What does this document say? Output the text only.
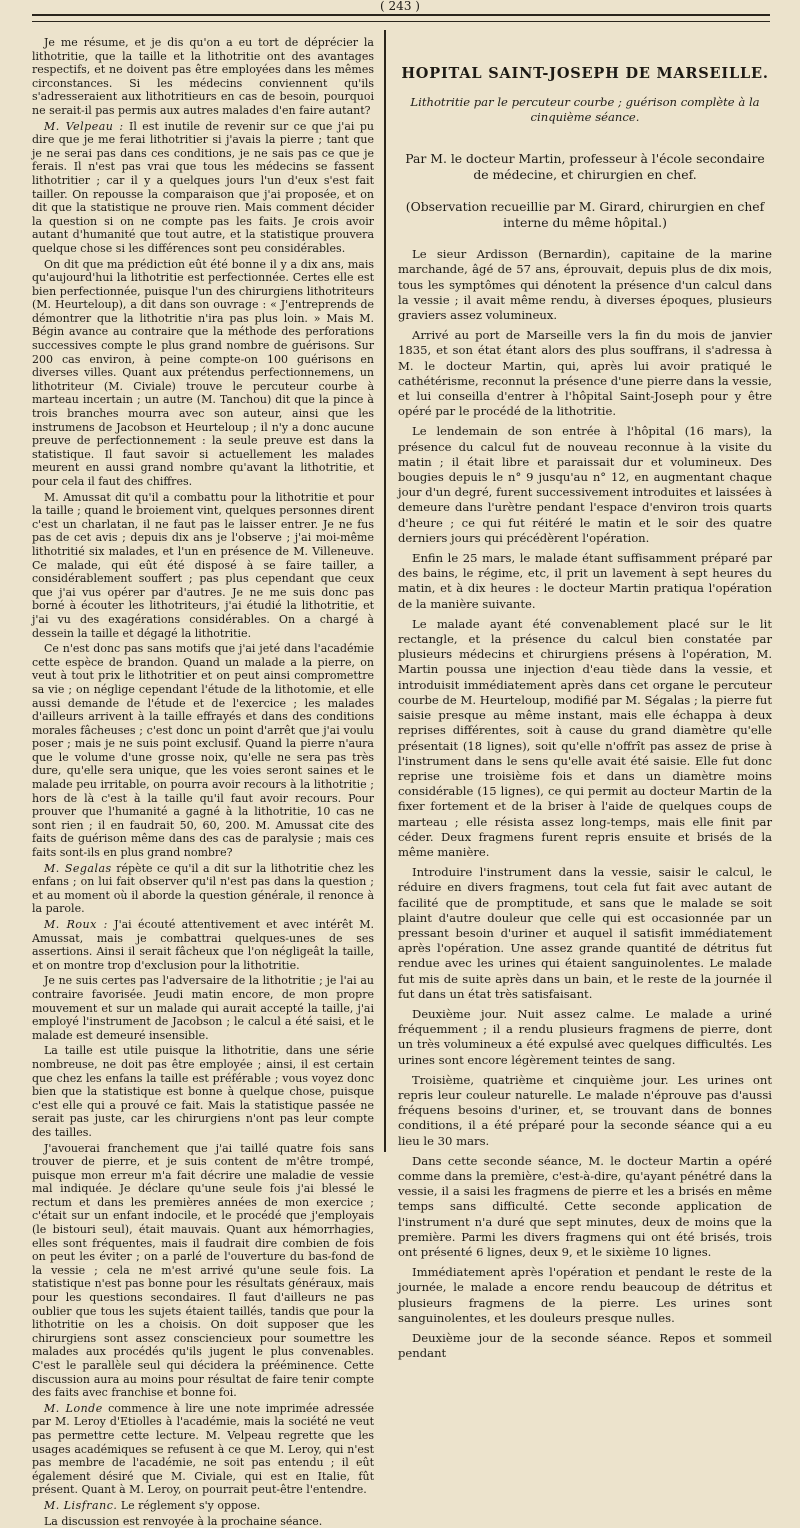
( 243 )

Je me résume, et je dis qu'on a eu tort de déprécier la lithotritie, que la taille et la lithotritie ont des avantages respectifs, et ne doivent pas être employées dans les mêmes circonstances. Si les médecins conviennent qu'ils s'adresseraient aux lithotritieurs en cas de besoin, pourquoi ne serait-il pas permis aux autres malades d'en faire autant?

M. Velpeau : Il est inutile de revenir sur ce que j'ai pu dire que je me ferai lithotritier si j'avais la pierre ; tant que je ne serai pas dans ces conditions, je ne sais pas ce que je ferais. Il n'est pas vrai que tous les médecins se fassent lithotritier ; car il y a quelques jours l'un d'eux s'est fait tailler. On repousse la comparaison que j'ai proposée, et on dit que la statistique ne prouve rien. Mais comment décider la question si on ne compte pas les faits. Je crois avoir autant d'humanité que tout autre, et la statistique prouvera quelque chose si les différences sont peu considérables.

On dit que ma prédiction eût été bonne il y a dix ans, mais qu'aujourd'hui la lithotritie est perfectionnée. Certes elle est bien perfectionnée, puisque l'un des chirurgiens lithotriteurs (M. Heurteloup), a dit dans son ouvrage : « J'entreprends de démontrer que la lithotritie n'ira pas plus loin. » Mais M. Bégin avance au contraire que la méthode des perforations successives compte le plus grand nombre de guérisons. Sur 200 cas environ, à peine compte-on 100 guérisons en diverses villes. Quant aux prétendus perfectionnemens, un lithotriteur (M. Civiale) trouve le percuteur courbe à marteau incertain ; un autre (M. Tanchou) dit que la pince à trois branches mourra avec son auteur, ainsi que les instrumens de Jacobson et Heurteloup ; il n'y a donc aucune preuve de perfectionnement : la seule preuve est dans la statistique. Il faut savoir si actuellement les malades meurent en aussi grand nombre qu'avant la lithotritie, et pour cela il faut des chiffres.

M. Amussat dit qu'il a combattu pour la lithotritie et pour la taille ; quand le broiement vint, quelques personnes dirent c'est un charlatan, il ne faut pas le laisser entrer. Je ne fus pas de cet avis ; depuis dix ans je l'observe ; j'ai moi-même lithotritié six malades, et l'un en présence de M. Villeneuve. Ce malade, qui eût été disposé à se faire tailler, a considérablement souffert ; pas plus cependant que ceux que j'ai vus opérer par d'autres. Je ne me suis donc pas borné à écouter les lithotriteurs, j'ai étudié la lithotritie, et j'ai vu des exagérations considérables. On a chargé à dessein la taille et dégagé la lithotritie.

Ce n'est donc pas sans motifs que j'ai jeté dans l'académie cette espèce de brandon. Quand un malade a la pierre, on veut à tout prix le lithotritier et on peut ainsi compromettre sa vie ; on néglige cependant l'étude de la lithotomie, et elle aussi demande de l'étude et de l'exercice ; les malades d'ailleurs arrivent à la taille effrayés et dans des conditions morales fâcheuses ; c'est donc un point d'arrêt que j'ai voulu poser ; mais je ne suis point exclusif. Quand la pierre n'aura que le volume d'une grosse noix, qu'elle ne sera pas très dure, qu'elle sera unique, que les voies seront saines et le malade peu irritable, on pourra avoir recours à la lithotritie ; hors de là c'est à la taille qu'il faut avoir recours. Pour prouver que l'humanité a gagné à la lithotritie, 10 cas ne sont rien ; il en faudrait 50, 60, 200. M. Amussat cite des faits de guérison même dans des cas de paralysie ; mais ces faits sont-ils en plus grand nombre?

M. Segalas répète ce qu'il a dit sur la lithotritie chez les enfans ; on lui fait observer qu'il n'est pas dans la question ; et au moment où il aborde la question générale, il renonce à la parole.

M. Roux : J'ai écouté attentivement et avec intérêt M. Amussat, mais je combattrai quelques-unes de ses assertions. Ainsi il serait fâcheux que l'on négligeât la taille, et on montre trop d'exclusion pour la lithotritie.

Je ne suis certes pas l'adversaire de la lithotritie ; je l'ai au contraire favorisée. Jeudi matin encore, de mon propre mouvement et sur un malade qui aurait accepté la taille, j'ai employé l'instrument de Jacobson ; le calcul a été saisi, et le malade est demeuré insensible.

La taille est utile puisque la lithotritie, dans une série nombreuse, ne doit pas être employée ; ainsi, il est certain que chez les enfans la taille est préférable ; vous voyez donc bien que la statistique est bonne à quelque chose, puisque c'est elle qui a prouvé ce fait. Mais la statistique passée ne serait pas juste, car les chirurgiens n'ont pas leur compte des tailles.

J'avouerai franchement que j'ai taillé quatre fois sans trouver de pierre, et je suis content de m'être trompé, puisque mon erreur m'a fait décrire une maladie de vessie mal indiquée. Je déclare qu'une seule fois j'ai blessé le rectum et dans les premières années de mon exercice ; c'était sur un enfant indocile, et le procédé que j'employais (le bistouri seul), était mauvais. Quant aux hémorrhagies, elles sont fréquentes, mais il faudrait dire combien de fois on peut les éviter ; on a parlé de l'ouverture du bas-fond de la vessie ; cela ne m'est arrivé qu'une seule fois. La statistique n'est pas bonne pour les résultats généraux, mais pour les questions secondaires. Il faut d'ailleurs ne pas oublier que tous les sujets étaient taillés, tandis que pour la lithotritie on les a choisis. On doit supposer que les chirurgiens sont assez consciencieux pour soumettre les malades aux procédés qu'ils jugent le plus convenables. C'est le parallèle seul qui décidera la prééminence. Cette discussion aura au moins pour résultat de faire tenir compte des faits avec franchise et bonne foi.

M. Londe commence à lire une note imprimée adressée par M. Leroy d'Etiolles à l'académie, mais la société ne veut pas permettre cette lecture. M. Velpeau regrette que les usages académiques se refusent à ce que M. Leroy, qui n'est pas membre de l'académie, ne soit pas entendu ; il eût également désiré que M. Civiale, qui est en Italie, fût présent. Quant à M. Leroy, on pourrait peut-être l'entendre.

M. Lisfranc. Le réglement s'y oppose.

La discussion est renvoyée à la prochaine séance.

HOPITAL SAINT-JOSEPH DE MARSEILLE.
Lithotritie par le percuteur courbe ; guérison complète à la cinquième séance.
Par M. le docteur Martin, professeur à l'école secondaire de médecine, et chirurgien en chef.
(Observation recueillie par M. Girard, chirurgien en chef interne du même hôpital.)

Le sieur Ardisson (Bernardin), capitaine de la marine marchande, âgé de 57 ans, éprouvait, depuis plus de dix mois, tous les symptômes qui dénotent la présence d'un calcul dans la vessie ; il avait même rendu, à diverses époques, plusieurs graviers assez volumineux.

Arrivé au port de Marseille vers la fin du mois de janvier 1835, et son état étant alors des plus souffrans, il s'adressa à M. le docteur Martin, qui, après lui avoir pratiqué le cathétérisme, reconnut la présence d'une pierre dans la vessie, et lui conseilla d'entrer à l'hôpital Saint-Joseph pour y être opéré par le procédé de la lithotritie.

Le lendemain de son entrée à l'hôpital (16 mars), la présence du calcul fut de nouveau reconnue à la visite du matin ; il était libre et paraissait dur et volumineux. Des bougies depuis le n° 9 jusqu'au n° 12, en augmentant chaque jour d'un degré, furent successivement introduites et laissées à demeure dans l'urètre pendant l'espace d'environ trois quarts d'heure ; ce qui fut réitéré le matin et le soir des quatre derniers jours qui précédèrent l'opération.

Enfin le 25 mars, le malade étant suffisamment préparé par des bains, le régime, etc, il prit un lavement à sept heures du matin, et à dix heures : le docteur Martin pratiqua l'opération de la manière suivante.

Le malade ayant été convenablement placé sur le lit rectangle, et la présence du calcul bien constatée par plusieurs médecins et chirurgiens présens à l'opération, M. Martin poussa une injection d'eau tiède dans la vessie, et introduisit immédiatement après dans cet organe le percuteur courbe de M. Heurteloup, modifié par M. Ségalas ; la pierre fut saisie presque au même instant, mais elle échappa à deux reprises différentes, soit à cause du grand diamètre qu'elle présentait (18 lignes), soit qu'elle n'offrît pas assez de prise à l'instrument dans le sens qu'elle avait été saisie. Elle fut donc reprise une troisième fois et dans un diamètre moins considérable (15 lignes), ce qui permit au docteur Martin de la fixer fortement et de la briser à l'aide de quelques coups de marteau ; elle résista assez long-temps, mais elle finit par céder. Deux fragmens furent repris ensuite et brisés de la même manière.

Introduire l'instrument dans la vessie, saisir le calcul, le réduire en divers fragmens, tout cela fut fait avec autant de facilité que de promptitude, et sans que le malade se soit plaint d'autre douleur que celle qui est occasionnée par un pressant besoin d'uriner et auquel il satisfit immédiatement après l'opération. Une assez grande quantité de détritus fut rendue avec les urines qui étaient sanguinolentes. Le malade fut mis de suite après dans un bain, et le reste de la journée il fut dans un état très satisfaisant.

Deuxième jour. Nuit assez calme. Le malade a uriné fréquemment ; il a rendu plusieurs fragmens de pierre, dont un très volumineux a été expulsé avec quelques difficultés. Les urines sont encore légèrement teintes de sang.

Troisième, quatrième et cinquième jour. Les urines ont repris leur couleur naturelle. Le malade n'éprouve pas d'aussi fréquens besoins d'uriner, et, se trouvant dans de bonnes conditions, il a été préparé pour la seconde séance qui a eu lieu le 30 mars.

Dans cette seconde séance, M. le docteur Martin a opéré comme dans la première, c'est-à-dire, qu'ayant pénétré dans la vessie, il a saisi les fragmens de pierre et les a brisés en même temps sans difficulté. Cette seconde application de l'instrument n'a duré que sept minutes, deux de moins que la première. Parmi les divers fragmens qui ont été brisés, trois ont présenté 6 lignes, deux 9, et le sixième 10 lignes.

Immédiatement après l'opération et pendant le reste de la journée, le malade a encore rendu beaucoup de détritus et plusieurs fragmens de la pierre. Les urines sont sanguinolentes, et les douleurs presque nulles.

Deuxième jour de la seconde séance. Repos et sommeil pendant
